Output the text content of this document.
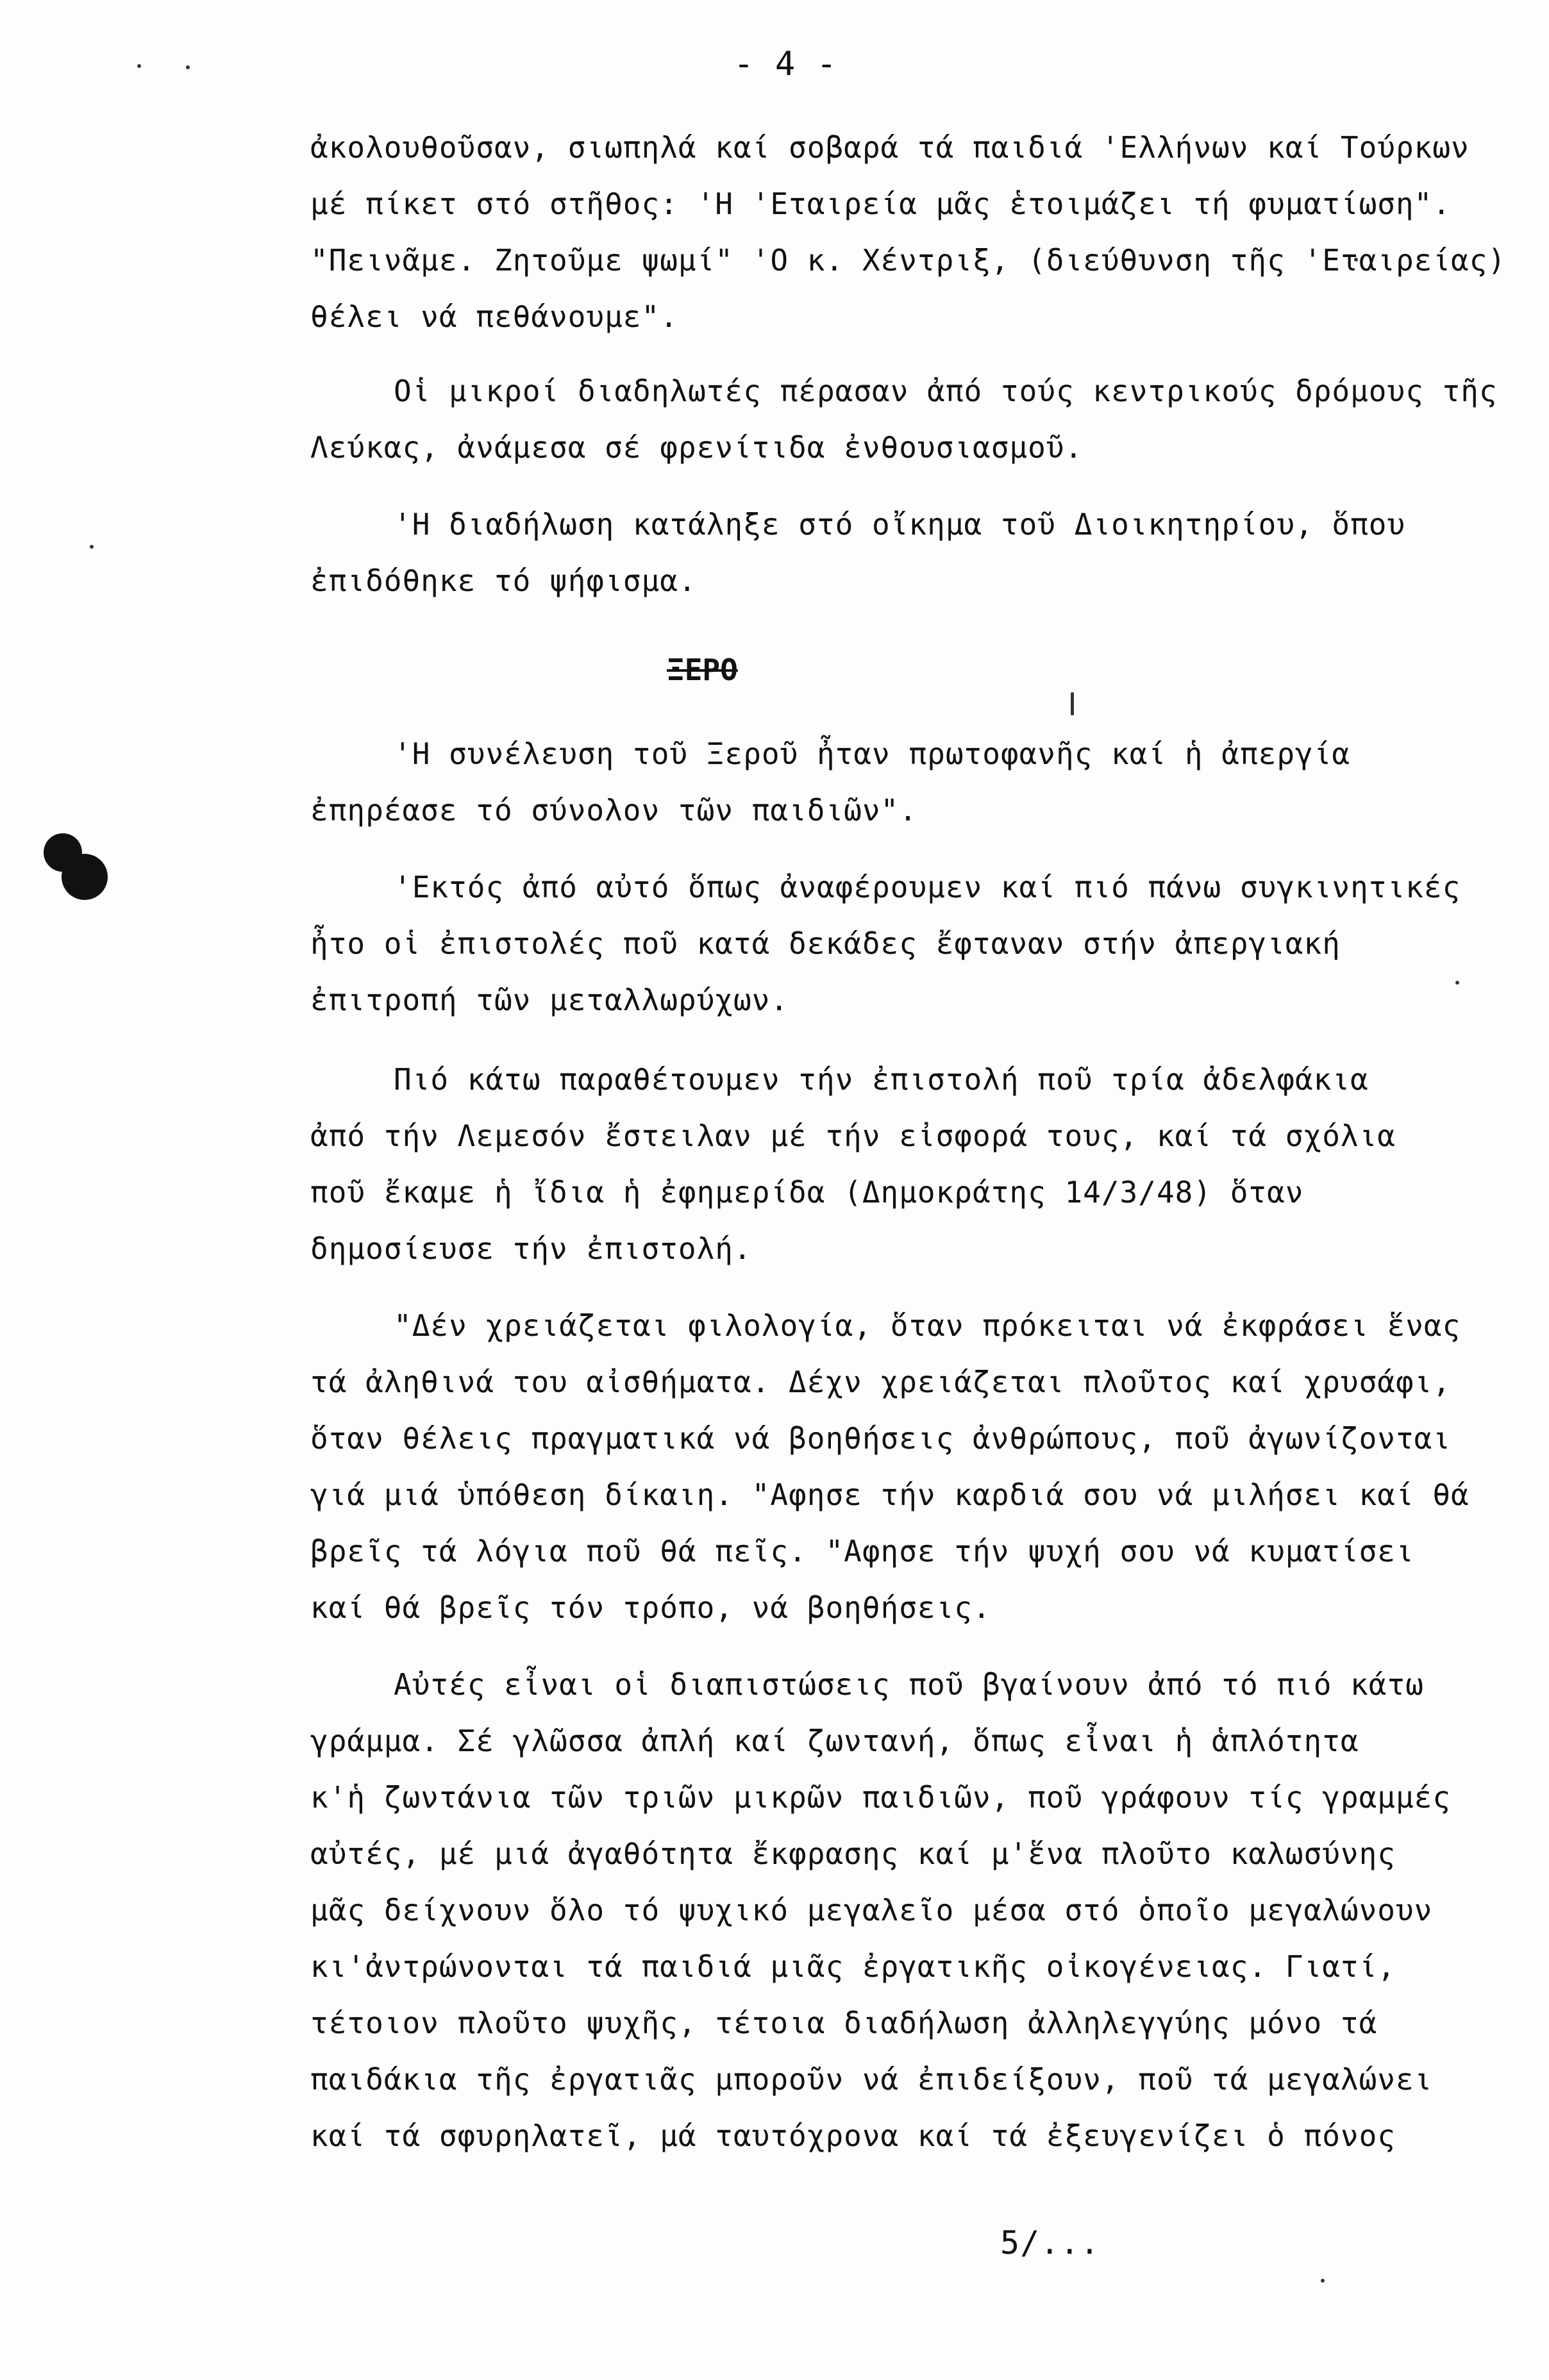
- 4 -
ἀκολουθοῦσαν, σιωπηλά καί σοβαρά τά παιδιά 'Ελλήνων καί Τούρκων
μέ πίκετ στό στῆθος: 'Η 'Εταιρεία μᾶς ἑτοιμάζει τή φυματίωση".
"Πεινᾶμε. Ζητοῦμε ψωμί" 'Ο κ. Χέντριξ, (διεύθυνση τῆς 'Εταιρείας)
θέλει νά πεθάνουμε".
Οἱ μικροί διαδηλωτές πέρασαν ἀπό τούς κεντρικούς δρόμους τῆς
Λεύκας, ἀνάμεσα σέ φρενίτιδα ἐνθουσιασμοῦ.
'Η διαδήλωση κατάληξε στό οἴκημα τοῦ Διοικητηρίου, ὅπου
ἐπιδόθηκε τό ψήφισμα.
ΞΕΡΟ
'Η συνέλευση τοῦ Ξεροῦ ἦταν πρωτοφανῆς καί ἡ ἀπεργία
ἐπηρέασε τό σύνολον τῶν παιδιῶν".
'Εκτός ἀπό αὐτό ὅπως ἀναφέρουμεν καί πιό πάνω συγκινητικές
ἦτο οἱ ἐπιστολές ποῦ κατά δεκάδες ἔφταναν στήν ἀπεργιακή
ἐπιτροπή τῶν μεταλλωρύχων.
Πιό κάτω παραθέτουμεν τήν ἐπιστολή ποῦ τρία ἀδελφάκια
ἀπό τήν Λεμεσόν ἔστειλαν μέ τήν εἰσφορά τους, καί τά σχόλια
ποῦ ἔκαμε ἡ ἴδια ἡ ἐφημερίδα (Δημοκράτης 14/3/48) ὅταν
δημοσίευσε τήν ἐπιστολή.
"Δέν χρειάζεται φιλολογία, ὅταν πρόκειται νά ἐκφράσει ἕνας
τά ἀληθινά του αἰσθήματα. Δέχν χρειάζεται πλοῦτος καί χρυσάφι,
ὅταν θέλεις πραγματικά νά βοηθήσεις ἀνθρώπους, ποῦ ἀγωνίζονται
γιά μιά ὑπόθεση δίκαιη. "Αφησε τήν καρδιά σου νά μιλήσει καί θά
βρεῖς τά λόγια ποῦ θά πεῖς. "Αφησε τήν ψυχή σου νά κυματίσει
καί θά βρεῖς τόν τρόπο, νά βοηθήσεις.
Αὐτές εἶναι οἱ διαπιστώσεις ποῦ βγαίνουν ἀπό τό πιό κάτω
γράμμα. Σέ γλῶσσα ἀπλή καί ζωντανή, ὅπως εἶναι ἡ ἁπλότητα
κ'ἡ ζωντάνια τῶν τριῶν μικρῶν παιδιῶν, ποῦ γράφουν τίς γραμμές
αὐτές, μέ μιά ἀγαθότητα ἔκφρασης καί μ'ἕνα πλοῦτο καλωσύνης
μᾶς δείχνουν ὅλο τό ψυχικό μεγαλεῖο μέσα στό ὁποῖο μεγαλώνουν
κι'ἀντρώνονται τά παιδιά μιᾶς ἐργατικῆς οἰκογένειας. Γιατί,
τέτοιον πλοῦτο ψυχῆς, τέτοια διαδήλωση ἀλληλεγγύης μόνο τά
παιδάκια τῆς ἐργατιᾶς μποροῦν νά ἐπιδείξουν, ποῦ τά μεγαλώνει
καί τά σφυρηλατεῖ, μά ταυτόχρονα καί τά ἐξευγενίζει ὁ πόνος
5/...
